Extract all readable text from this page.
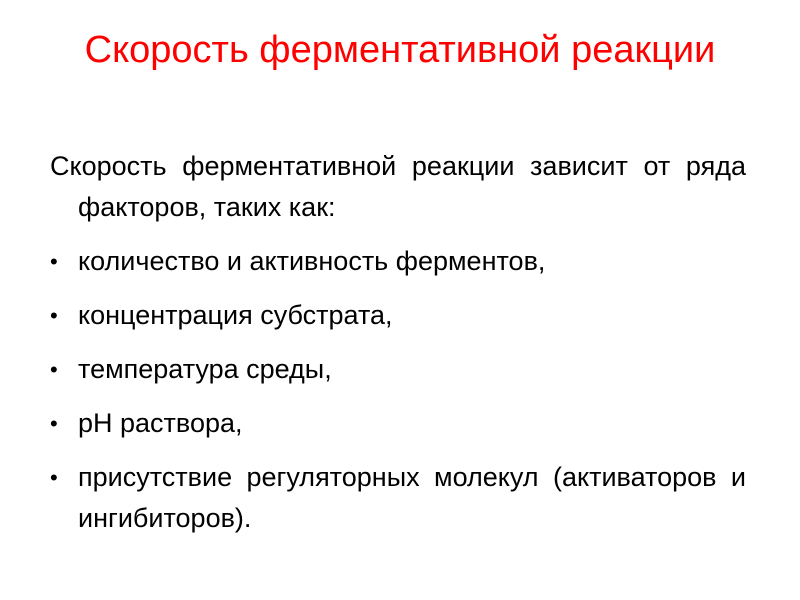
Скорость ферментативной реакции

Скорость ферментативной реакции зависит от ряда факторов, таких как:

• количество и активность ферментов,
• концентрация субстрата,
• температура среды,
• pH раствора,
• присутствие регуляторных молекул (активаторов и ингибиторов).
